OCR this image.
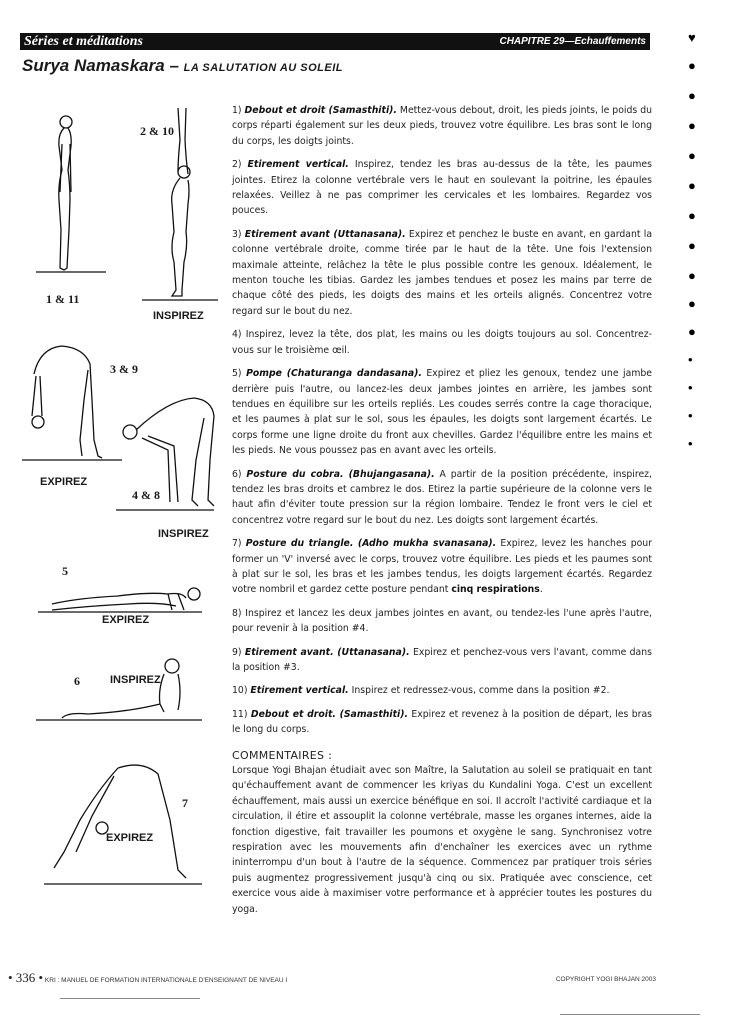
Séries et méditations	CHAPITRE 29—Echauffements
Surya Namaskara – LA SALUTATION AU SOLEIL
♥
●
●
●
●
●
●
●
●
●
●
•
•
•
•
2 & 10
1 & 11
INSPIREZ
3 & 9
EXPIREZ
4 & 8
INSPIREZ
5
EXPIREZ
6	INSPIREZ
7
EXPIREZ

1) Debout et droit (Samasthiti). Mettez-vous debout, droit, les pieds joints, le poids du corps réparti également sur les deux pieds, trouvez votre équilibre. Les bras sont le long du corps, les doigts joints.

2) Etirement vertical. Inspirez, tendez les bras au-dessus de la tête, les paumes jointes. Etirez la colonne vertébrale vers le haut en soulevant la poitrine, les épaules relaxées. Veillez à ne pas comprimer les cervicales et les lombaires. Regardez vos pouces.

3) Etirement avant (Uttanasana). Expirez et penchez le buste en avant, en gardant la colonne vertébrale droite, comme tirée par le haut de la tête. Une fois l'extension maximale atteinte, relâchez la tête le plus possible contre les genoux. Idéalement, le menton touche les tibias. Gardez les jambes tendues et posez les mains par terre de chaque côté des pieds, les doigts des mains et les orteils alignés. Concentrez votre regard sur le bout du nez.

4) Inspirez, levez la tête, dos plat, les mains ou les doigts toujours au sol. Concentrez-vous sur le troisième œil.

5) Pompe (Chaturanga dandasana). Expirez et pliez les genoux, tendez une jambe derrière puis l'autre, ou lancez-les deux jambes jointes en arrière, les jambes sont tendues en équilibre sur les orteils repliés. Les coudes serrés contre la cage thoracique, et les paumes à plat sur le sol, sous les épaules, les doigts sont largement écartés. Le corps forme une ligne droite du front aux chevilles. Gardez l'équilibre entre les mains et les pieds. Ne vous poussez pas en avant avec les orteils.

6) Posture du cobra. (Bhujangasana). A partir de la position précédente, inspirez, tendez les bras droits et cambrez le dos. Etirez la partie supérieure de la colonne vers le haut afin d'éviter toute pression sur la région lombaire. Tendez le front vers le ciel et concentrez votre regard sur le bout du nez. Les doigts sont largement écartés.

7) Posture du triangle. (Adho mukha svanasana). Expirez, levez les hanches pour former un 'V' inversé avec le corps, trouvez votre équilibre. Les pieds et les paumes sont à plat sur le sol, les bras et les jambes tendus, les doigts largement écartés. Regardez votre nombril et gardez cette posture pendant cinq respirations.

8) Inspirez et lancez les deux jambes jointes en avant, ou tendez-les l'une après l'autre, pour revenir à la position #4.

9) Etirement avant. (Uttanasana). Expirez et penchez-vous vers l'avant, comme dans la position #3.

10) Etirement vertical. Inspirez et redressez-vous, comme dans la position #2.

11) Debout et droit. (Samasthiti). Expirez et revenez à la position de départ, les bras le long du corps.

COMMENTAIRES :

Lorsque Yogi Bhajan étudiait avec son Maître, la Salutation au soleil se pratiquait en tant qu'échauffement avant de commencer les kriyas du Kundalini Yoga. C'est un excellent échauffement, mais aussi un exercice bénéfique en soi. Il accroît l'activité cardiaque et la circulation, il étire et assouplit la colonne vertébrale, masse les organes internes, aide la fonction digestive, fait travailler les poumons et oxygène le sang. Synchronisez votre respiration avec les mouvements afin d'enchaîner les exercices avec un rythme ininterrompu d'un bout à l'autre de la séquence. Commencez par pratiquer trois séries puis augmentez progressivement jusqu'à cinq ou six. Pratiquée avec conscience, cet exercice vous aide à maximiser votre performance et à apprécier toutes les postures du yoga.

• 336 • KRI : MANUEL DE FORMATION INTERNATIONALE D'ENSEIGNANT DE NIVEAU I	COPYRIGHT YOGI BHAJAN 2003
